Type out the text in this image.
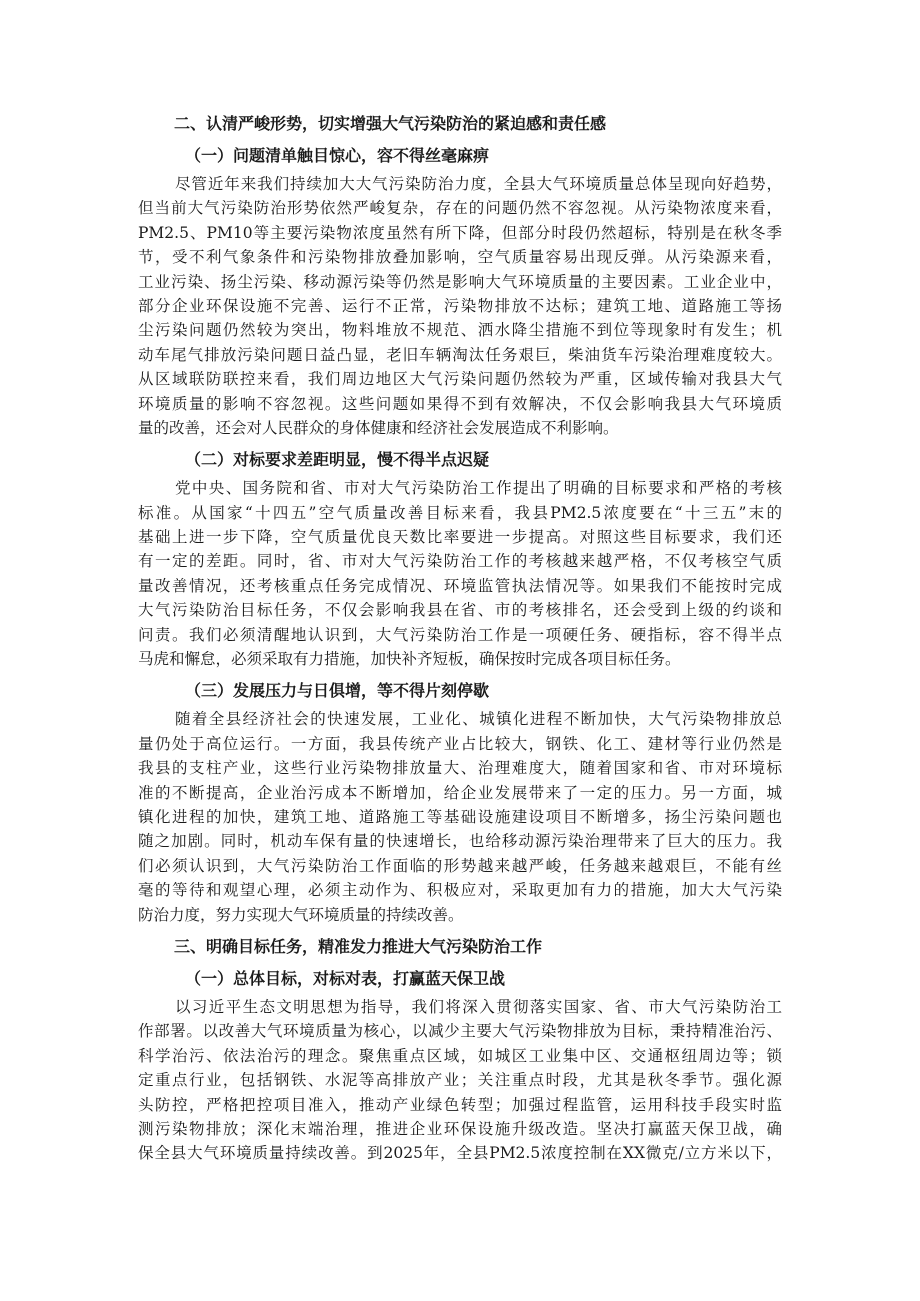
二、认清严峻形势，切实增强大气污染防治的紧迫感和责任感
（一）问题清单触目惊心，容不得丝毫麻痹
尽管近年来我们持续加大大气污染防治力度，全县大气环境质量总体呈现向好趋势，
但当前大气污染防治形势依然严峻复杂，存在的问题仍然不容忽视。从污染物浓度来看，
PM2.5、PM10等主要污染物浓度虽然有所下降，但部分时段仍然超标，特别是在秋冬季
节，受不利气象条件和污染物排放叠加影响，空气质量容易出现反弹。从污染源来看，
工业污染、扬尘污染、移动源污染等仍然是影响大气环境质量的主要因素。工业企业中，
部分企业环保设施不完善、运行不正常，污染物排放不达标；建筑工地、道路施工等扬
尘污染问题仍然较为突出，物料堆放不规范、洒水降尘措施不到位等现象时有发生；机
动车尾气排放污染问题日益凸显，老旧车辆淘汰任务艰巨，柴油货车污染治理难度较大。
从区域联防联控来看，我们周边地区大气污染问题仍然较为严重，区域传输对我县大气
环境质量的影响不容忽视。这些问题如果得不到有效解决，不仅会影响我县大气环境质
量的改善，还会对人民群众的身体健康和经济社会发展造成不利影响。
（二）对标要求差距明显，慢不得半点迟疑
党中央、国务院和省、市对大气污染防治工作提出了明确的目标要求和严格的考核
标准。从国家“十四五”空气质量改善目标来看，我县PM2.5浓度要在“十三五”末的
基础上进一步下降，空气质量优良天数比率要进一步提高。对照这些目标要求，我们还
有一定的差距。同时，省、市对大气污染防治工作的考核越来越严格，不仅考核空气质
量改善情况，还考核重点任务完成情况、环境监管执法情况等。如果我们不能按时完成
大气污染防治目标任务，不仅会影响我县在省、市的考核排名，还会受到上级的约谈和
问责。我们必须清醒地认识到，大气污染防治工作是一项硬任务、硬指标，容不得半点
马虎和懈怠，必须采取有力措施，加快补齐短板，确保按时完成各项目标任务。
（三）发展压力与日俱增，等不得片刻停歇
随着全县经济社会的快速发展，工业化、城镇化进程不断加快，大气污染物排放总
量仍处于高位运行。一方面，我县传统产业占比较大，钢铁、化工、建材等行业仍然是
我县的支柱产业，这些行业污染物排放量大、治理难度大，随着国家和省、市对环境标
准的不断提高，企业治污成本不断增加，给企业发展带来了一定的压力。另一方面，城
镇化进程的加快，建筑工地、道路施工等基础设施建设项目不断增多，扬尘污染问题也
随之加剧。同时，机动车保有量的快速增长，也给移动源污染治理带来了巨大的压力。我
们必须认识到，大气污染防治工作面临的形势越来越严峻，任务越来越艰巨，不能有丝
毫的等待和观望心理，必须主动作为、积极应对，采取更加有力的措施，加大大气污染
防治力度，努力实现大气环境质量的持续改善。
三、明确目标任务，精准发力推进大气污染防治工作
（一）总体目标，对标对表，打赢蓝天保卫战
以习近平生态文明思想为指导，我们将深入贯彻落实国家、省、市大气污染防治工
作部署。以改善大气环境质量为核心，以减少主要大气污染物排放为目标，秉持精准治污、
科学治污、依法治污的理念。聚焦重点区域，如城区工业集中区、交通枢纽周边等；锁
定重点行业，包括钢铁、水泥等高排放产业；关注重点时段，尤其是秋冬季节。强化源
头防控，严格把控项目准入，推动产业绿色转型；加强过程监管，运用科技手段实时监
测污染物排放；深化末端治理，推进企业环保设施升级改造。坚决打赢蓝天保卫战，确
保全县大气环境质量持续改善。到2025年，全县PM2.5浓度控制在XX微克/立方米以下，
